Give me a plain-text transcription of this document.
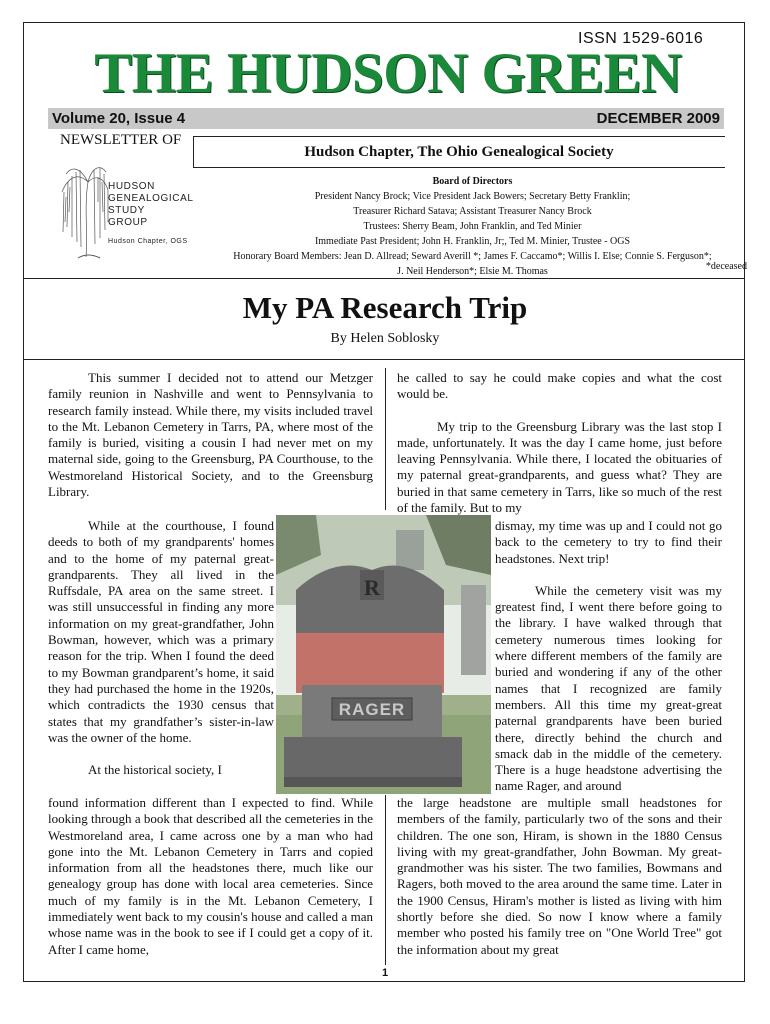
ISSN 1529-6016
THE HUDSON GREEN
Volume 20, Issue 4	DECEMBER 2009
NEWSLETTER OF
HUDSON
GENEALOGICAL
STUDY
GROUP
Hudson Chapter, OGS
Hudson Chapter, The Ohio Genealogical Society
Board of Directors
President Nancy Brock; Vice President Jack Bowers; Secretary Betty Franklin;
Treasurer Richard Satava; Assistant Treasurer Nancy Brock
Trustees: Sherry Beam, John Franklin, and Ted Minier
Immediate Past President; John H. Franklin, Jr;, Ted M. Minier, Trustee - OGS
Honorary Board Members: Jean D. Allread; Seward Averill *; James F. Caccamo*; Willis I. Else; Connie S. Ferguson*;
J. Neil Henderson*; Elsie M. Thomas	*deceased
My PA Research Trip
By Helen Soblosky

This summer I decided not to attend our Metzger family reunion in Nashville and went to Pennsylvania to research family instead. While there, my visits included travel to the Mt. Lebanon Cemetery in Tarrs, PA, where most of the family is buried, visiting a cousin I had never met on my maternal side, going to the Greensburg, PA Courthouse, to the Westmoreland Historical Society, and to the Greensburg Library.

While at the courthouse, I found deeds to both of my grandparents' homes and to the home of my paternal great-grandparents. They all lived in the Ruffsdale, PA area on the same street. I was still unsuccessful in finding any more information on my great-grandfather, John Bowman, however, which was a primary reason for the trip. When I found the deed to my Bowman grandparent’s home, it said they had purchased the home in the 1920s, which contradicts the 1930 census that states that my grandfather’s sister-in-law was the owner of the home.

At the historical society, I

found information different than I expected to find. While looking through a book that described all the cemeteries in the Westmoreland area, I came across one by a man who had gone into the Mt. Lebanon Cemetery in Tarrs and copied information from all the headstones there, much like our genealogy group has done with local area cemeteries. Since much of my family is in the Mt. Lebanon Cemetery, I immediately went back to my cousin's house and called a man whose name was in the book to see if I could get a copy of it. After I came home,

he called to say he could make copies and what the cost would be.

My trip to the Greensburg Library was the last stop I made, unfortunately. It was the day I came home, just before leaving Pennsylvania. While there, I located the obituaries of my paternal great-grandparents, and guess what? They are buried in that same cemetery in Tarrs, like so much of the rest of the family. But to my

dismay, my time was up and I could not go back to the cemetery to try to find their headstones. Next trip!

While the cemetery visit was my greatest find, I went there before going to the library. I have walked through that cemetery numerous times looking for where different members of the family are buried and wondering if any of the other names that I recognized are family members. All this time my great-great paternal grandparents have been buried there, directly behind the church and smack dab in the middle of the cemetery. There is a huge headstone advertising the name Rager, and around

the large headstone are multiple small headstones for members of the family, particularly two of the sons and their children. The one son, Hiram, is shown in the 1880 Census living with my great-grandfather, John Bowman. My great-grandmother was his sister. The two families, Bowmans and Ragers, both moved to the area around the same time. Later in the 1900 Census, Hiram's mother is listed as living with him shortly before she died. So now I know where a family member who posted his family tree on "One World Tree" got the information about my great

R
RAGER
1
